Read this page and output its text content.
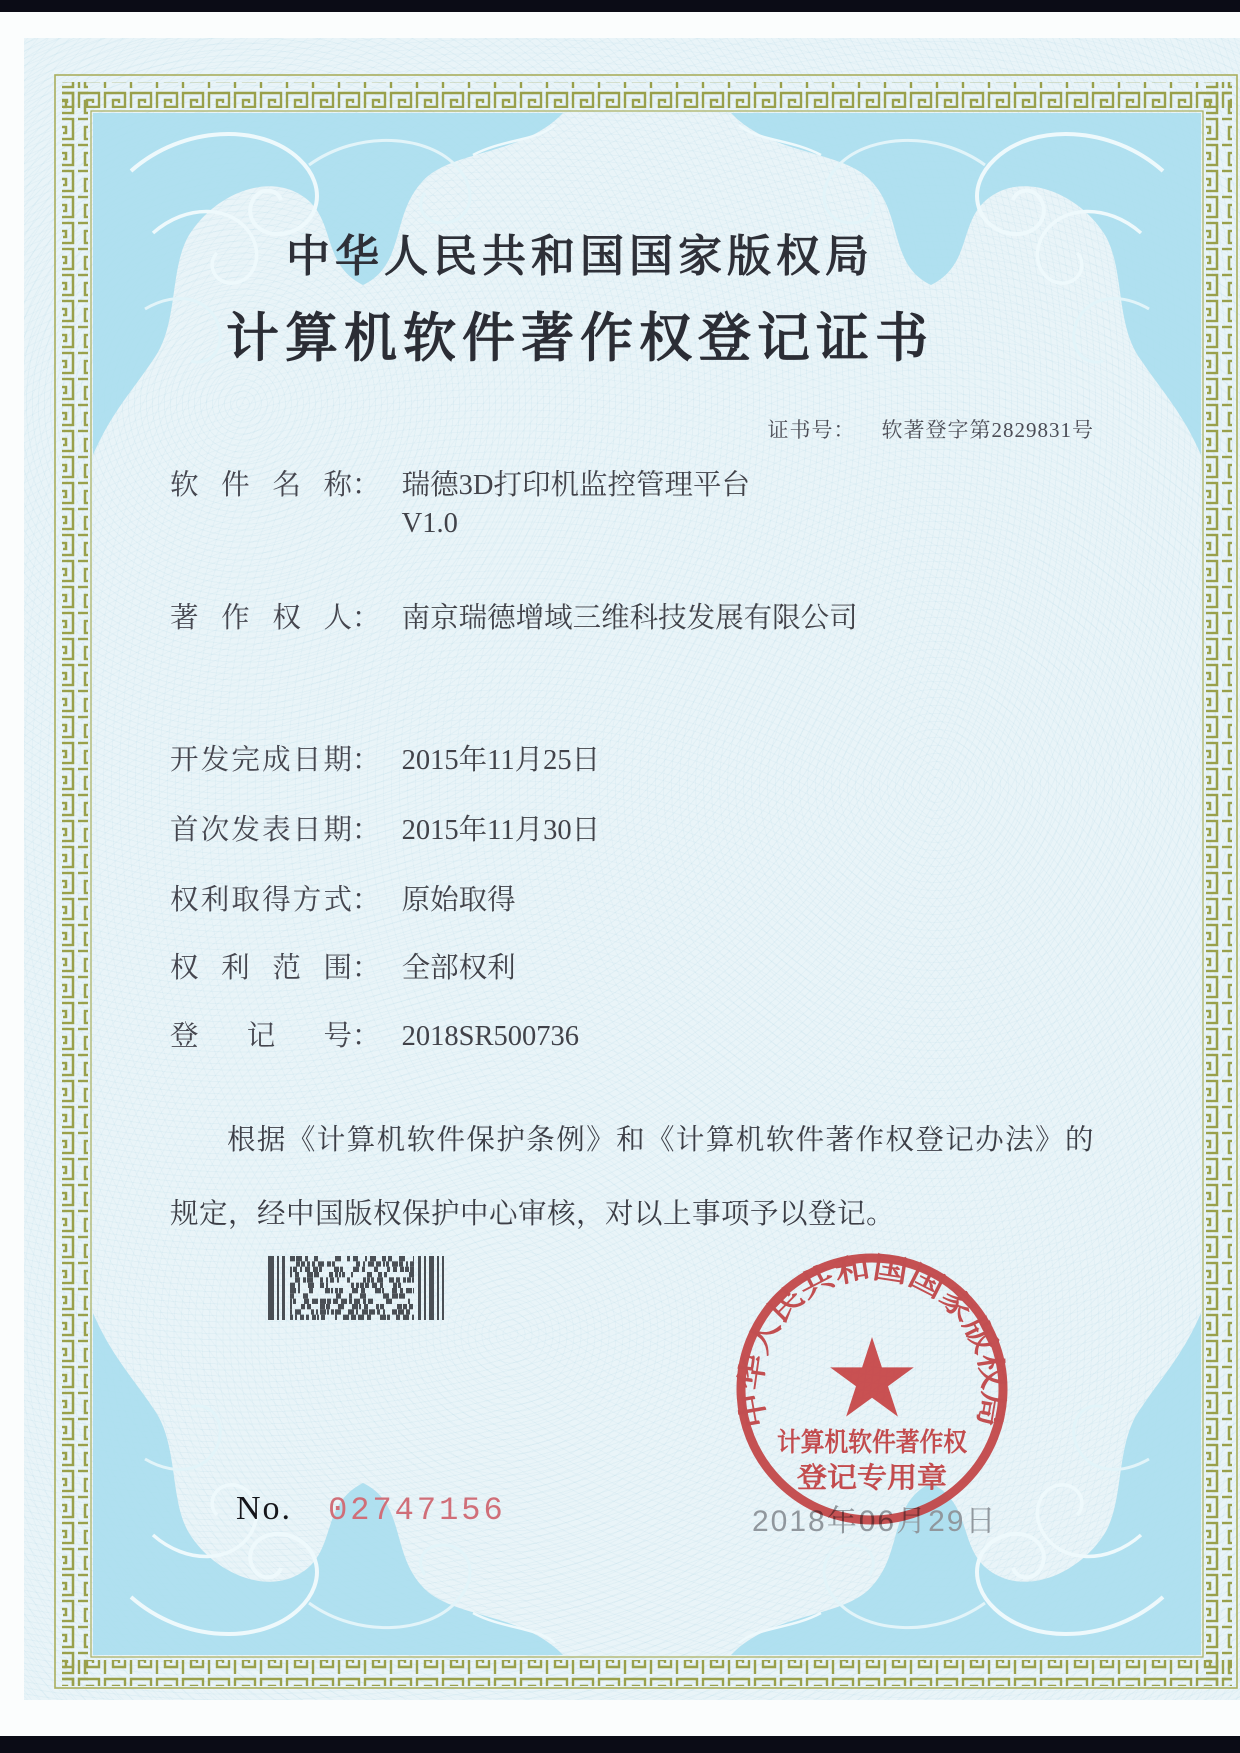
中华人民共和国国家版权局
计算机软件著作权登记证书
证书号： 软著登字第2829831号
软件名称： 瑞德3D打印机监控管理平台
V1.0
著作权人： 南京瑞德增域三维科技发展有限公司
开发完成日期： 2015年11月25日
首次发表日期： 2015年11月30日
权利取得方式： 原始取得
权利范围： 全部权利
登记号： 2018SR500736

根据《计算机软件保护条例》和《计算机软件著作权登记办法》的规定，经中国版权保护中心审核，对以上事项予以登记。

No. 02747156	2018年06月29日
中华人民共和国国家版权局
计算机软件著作权
登记专用章
